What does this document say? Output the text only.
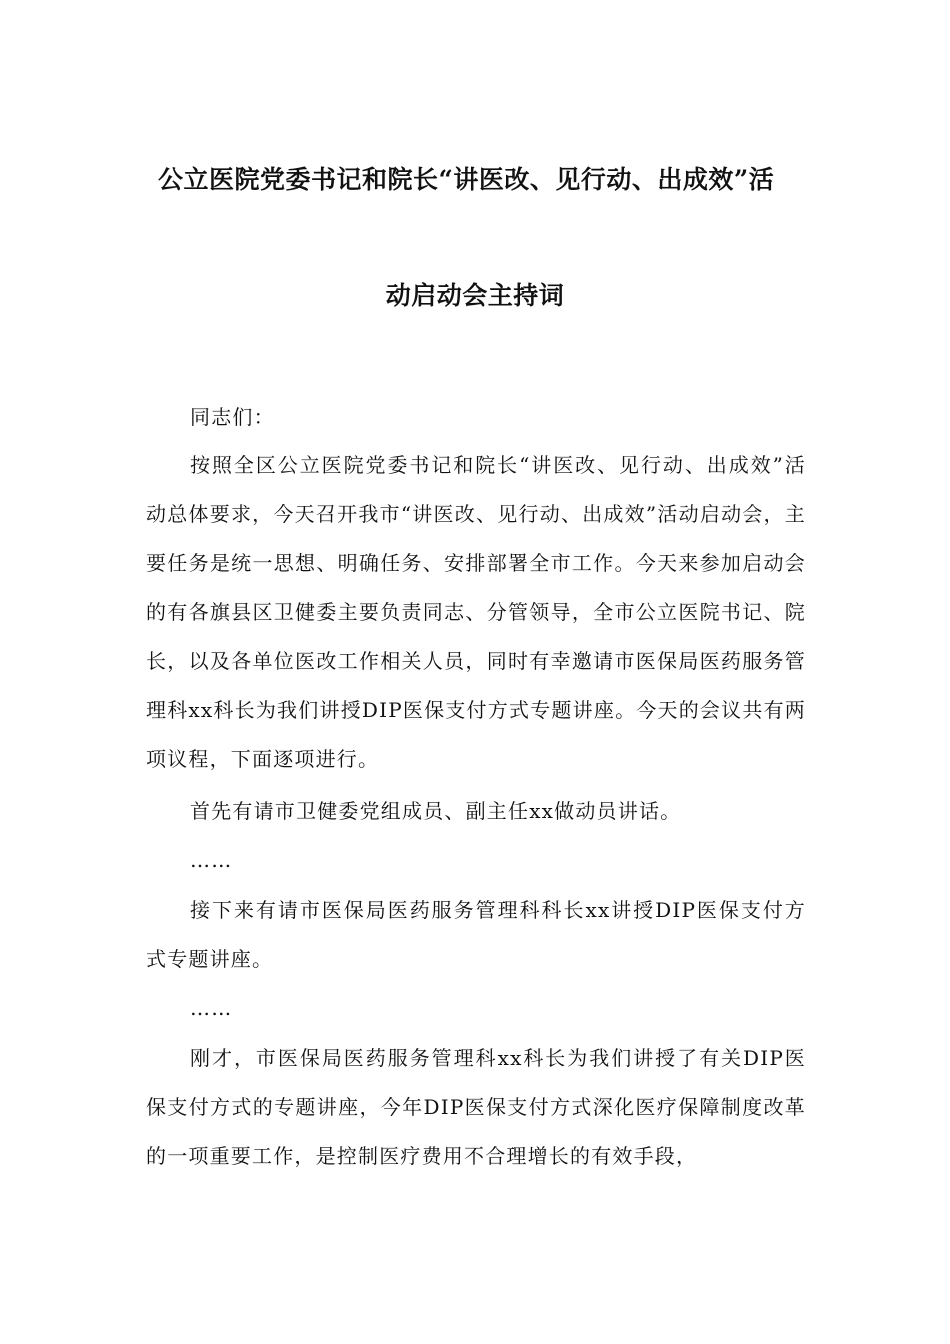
公立医院党委书记和院长“讲医改、见行动、出成效”活
动启动会主持词
同志们：
按照全区公立医院党委书记和院长“讲医改、见行动、出成效”活动总体要求，今天召开我市“讲医改、见行动、出成效”活动启动会，主要任务是统一思想、明确任务、安排部署全市工作。今天来参加启动会的有各旗县区卫健委主要负责同志、分管领导，全市公立医院书记、院长，以及各单位医改工作相关人员，同时有幸邀请市医保局医药服务管理科xx科长为我们讲授DIP医保支付方式专题讲座。今天的会议共有两项议程，下面逐项进行。
首先有请市卫健委党组成员、副主任xx做动员讲话。
……
接下来有请市医保局医药服务管理科科长xx讲授DIP医保支付方式专题讲座。
……
刚才，市医保局医药服务管理科xx科长为我们讲授了有关DIP医保支付方式的专题讲座，今年DIP医保支付方式深化医疗保障制度改革的一项重要工作，是控制医疗费用不合理增长的有效手段，
